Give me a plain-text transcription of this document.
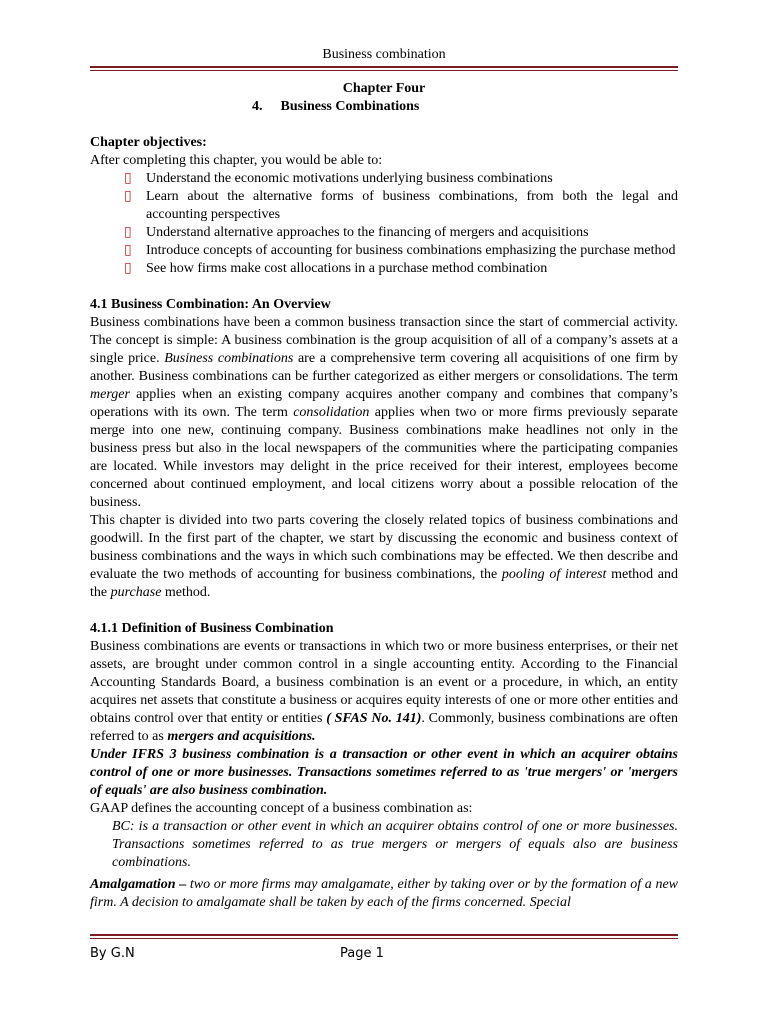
Business combination

Chapter Four

4. Business Combinations

Chapter objectives:

After completing this chapter, you would be able to:

▯ Understand the economic motivations underlying business combinations
▯ Learn about the alternative forms of business combinations, from both the legal and accounting perspectives
▯ Understand alternative approaches to the financing of mergers and acquisitions
▯ Introduce concepts of accounting for business combinations emphasizing the purchase method
▯ See how firms make cost allocations in a purchase method combination

4.1 Business Combination: An Overview

Business combinations have been a common business transaction since the start of commercial activity. The concept is simple: A business combination is the group acquisition of all of a company’s assets at a single price. Business combinations are a comprehensive term covering all acquisitions of one firm by another. Business combinations can be further categorized as either mergers or consolidations. The term merger applies when an existing company acquires another company and combines that company’s operations with its own. The term consolidation applies when two or more firms previously separate merge into one new, continuing company. Business combinations make headlines not only in the business press but also in the local newspapers of the communities where the participating companies are located. While investors may delight in the price received for their interest, employees become concerned about continued employment, and local citizens worry about a possible relocation of the business.

This chapter is divided into two parts covering the closely related topics of business combinations and goodwill. In the first part of the chapter, we start by discussing the economic and business context of business combinations and the ways in which such combinations may be effected. We then describe and evaluate the two methods of accounting for business combinations, the pooling of interest method and the purchase method.

4.1.1 Definition of Business Combination

Business combinations are events or transactions in which two or more business enterprises, or their net assets, are brought under common control in a single accounting entity. According to the Financial Accounting Standards Board, a business combination is an event or a procedure, in which, an entity acquires net assets that constitute a business or acquires equity interests of one or more other entities and obtains control over that entity or entities ( SFAS No. 141). Commonly, business combinations are often referred to as mergers and acquisitions.

Under IFRS 3 business combination is a transaction or other event in which an acquirer obtains control of one or more businesses. Transactions sometimes referred to as 'true mergers' or 'mergers of equals' are also business combination.

GAAP defines the accounting concept of a business combination as:

BC: is a transaction or other event in which an acquirer obtains control of one or more businesses. Transactions sometimes referred to as true mergers or mergers of equals also are business combinations.

Amalgamation – two or more firms may amalgamate, either by taking over or by the formation of a new firm. A decision to amalgamate shall be taken by each of the firms concerned. Special

By G.N	Page 1
